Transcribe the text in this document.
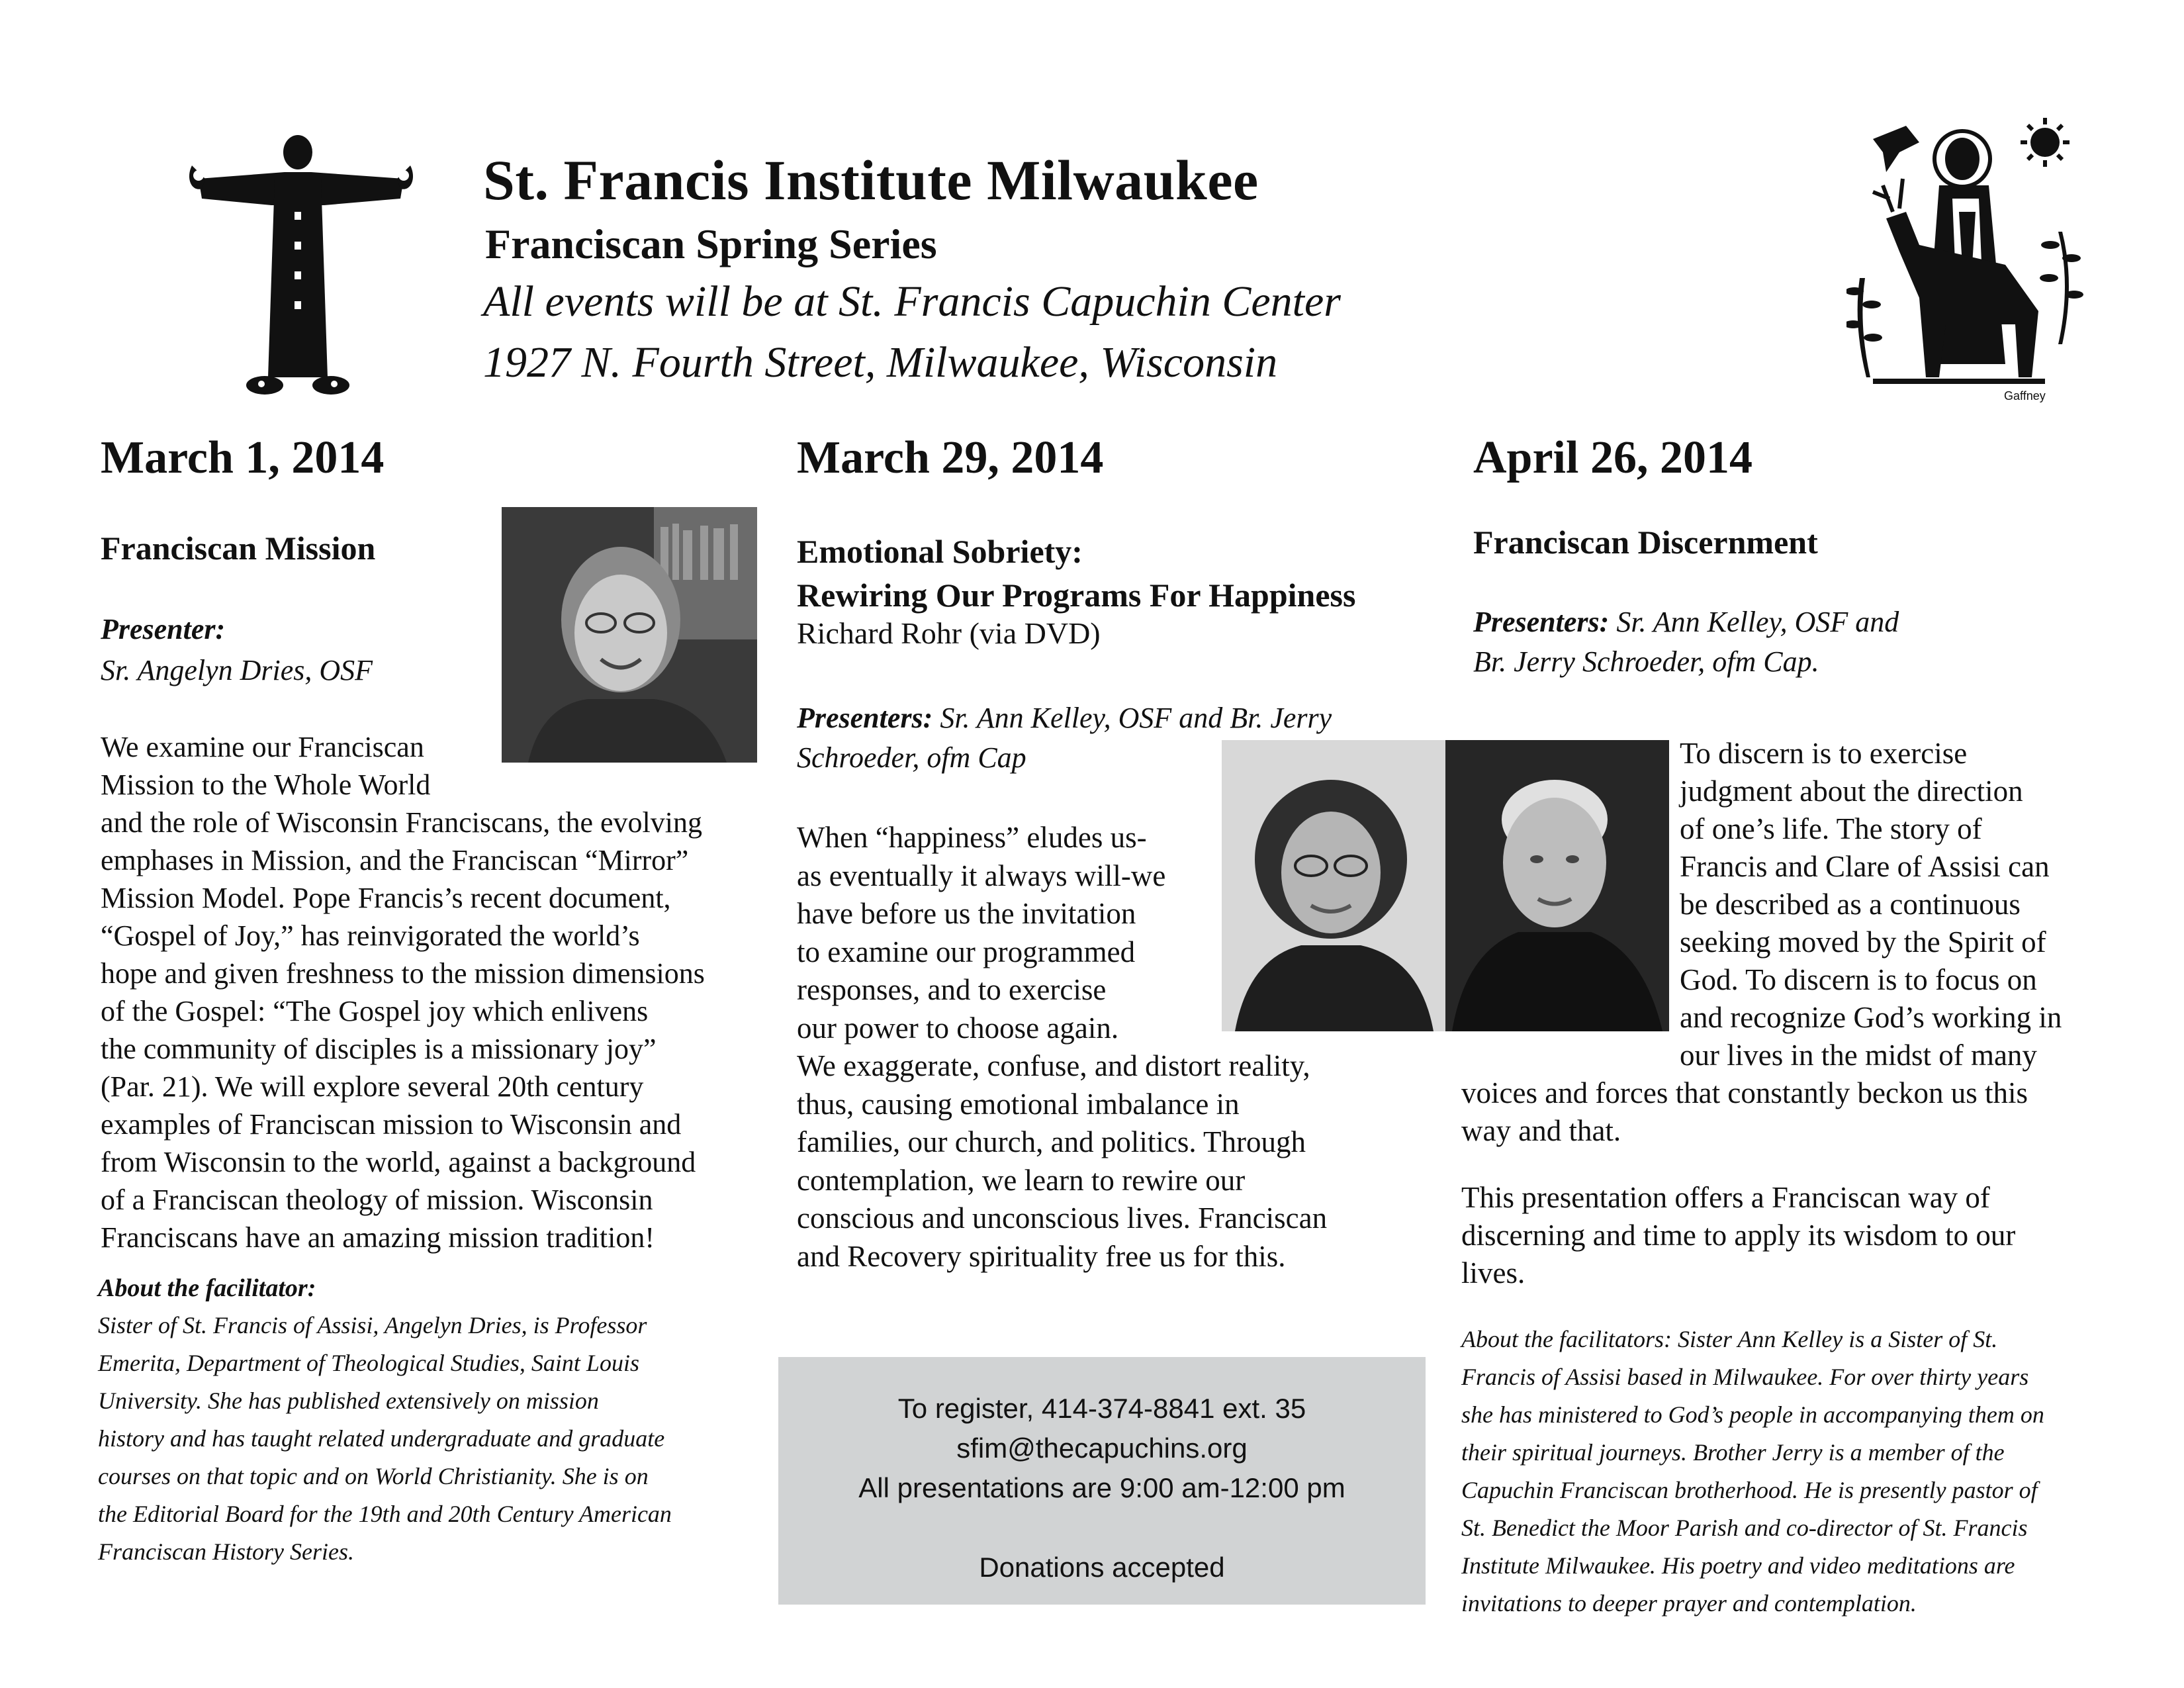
St. Francis Institute Milwaukee
Franciscan Spring Series
All events will be at St. Francis Capuchin Center
1927 N. Fourth Street, Milwaukee, Wisconsin
Gaffney
March 1, 2014
Franciscan Mission
Presenter:
Sr. Angelyn Dries, OSF

We examine our Franciscan

Mission to the Whole World

and the role of Wisconsin Franciscans, the evolving

emphases in Mission, and the Franciscan “Mirror”

Mission Model. Pope Francis’s recent document,

“Gospel of Joy,” has reinvigorated the world’s

hope and given freshness to the mission dimensions

of the Gospel: “The Gospel joy which enlivens

the community of disciples is a missionary joy”

(Par. 21). We will explore several 20th century

examples of Franciscan mission to Wisconsin and

from Wisconsin to the world, against a background

of a Franciscan theology of mission. Wisconsin

Franciscans have an amazing mission tradition!

About the facilitator:
Sister of St. Francis of Assisi, Angelyn Dries, is Professor
Emerita, Department of Theological Studies, Saint Louis
University. She has published extensively on mission
history and has taught related undergraduate and graduate
courses on that topic and on World Christianity. She is on
the Editorial Board for the 19th and 20th Century American
Franciscan History Series.
March 29, 2014
Emotional Sobriety:
Rewiring Our Programs For Happiness
Richard Rohr (via DVD)
Presenters: Sr. Ann Kelley, OSF and Br. Jerry
Schroeder, ofm Cap

When “happiness” eludes us-

as eventually it always will-we

have before us the invitation

to examine our programmed

responses, and to exercise

our power to choose again.

We exaggerate, confuse, and distort reality,

thus, causing emotional imbalance in

families, our church, and politics. Through

contemplation, we learn to rewire our

conscious and unconscious lives. Franciscan

and Recovery spirituality free us for this.

To register, 414-374-8841 ext. 35
sfim@thecapuchins.org
All presentations are 9:00 am-12:00 pm
Donations accepted
April 26, 2014
Franciscan Discernment
Presenters: Sr. Ann Kelley, OSF and
Br. Jerry Schroeder, ofm Cap.

To discern is to exercise

judgment about the direction

of one’s life. The story of

Francis and Clare of Assisi can

be described as a continuous

seeking moved by the Spirit of

God. To discern is to focus on

and recognize God’s working in

our lives in the midst of many

voices and forces that constantly beckon us this

way and that.

This presentation offers a Franciscan way of

discerning and time to apply its wisdom to our

lives.

About the facilitators: Sister Ann Kelley is a Sister of St.
Francis of Assisi based in Milwaukee. For over thirty years
she has ministered to God’s people in accompanying them on
their spiritual journeys. Brother Jerry is a member of the
Capuchin Franciscan brotherhood. He is presently pastor of
St. Benedict the Moor Parish and co-director of St. Francis
Institute Milwaukee. His poetry and video meditations are
invitations to deeper prayer and contemplation.
